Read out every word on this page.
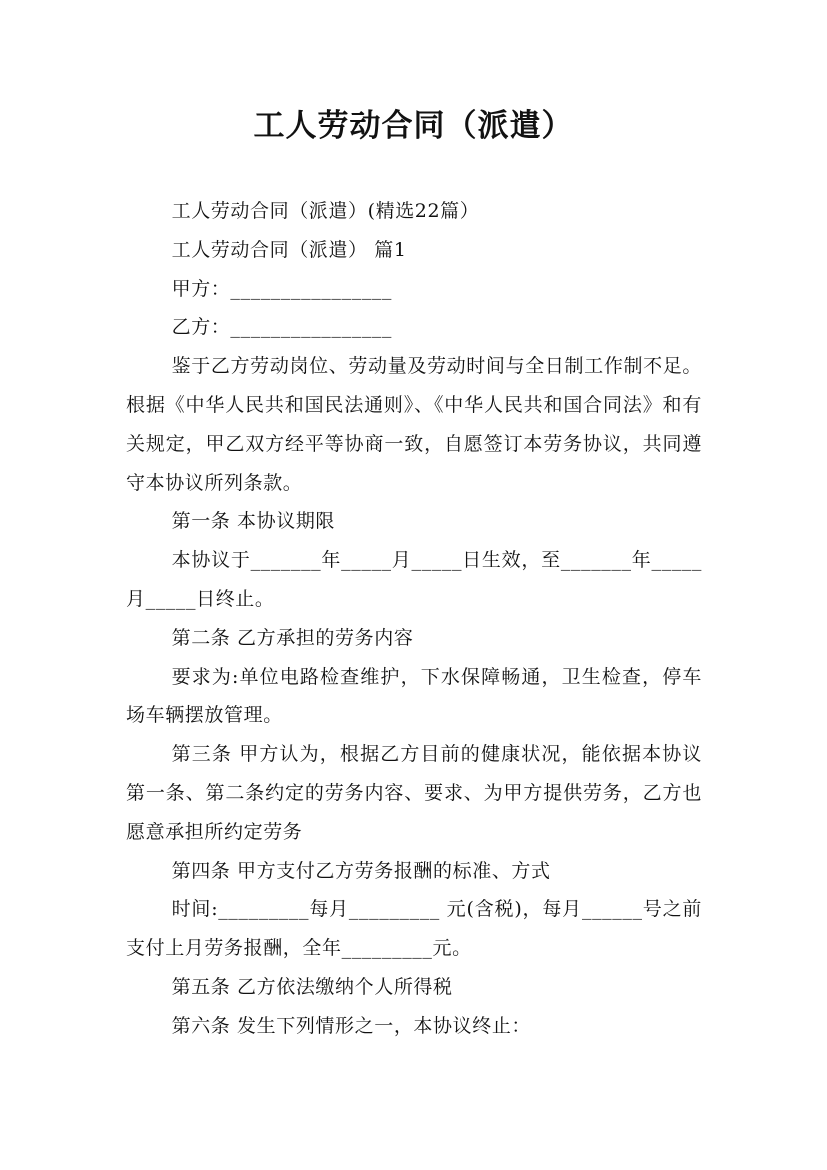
工人劳动合同（派遣）

工人劳动合同（派遣）(精选22篇）

工人劳动合同（派遣） 篇1

甲方：________________

乙方：________________

鉴于乙方劳动岗位、劳动量及劳动时间与全日制工作制不足。根据《中华人民共和国民法通则》、《中华人民共和国合同法》和有关规定，甲乙双方经平等协商一致，自愿签订本劳务协议，共同遵守本协议所列条款。

第一条 本协议期限

本协议于_______年_____月_____日生效，至_______年_____月_____日终止。

第二条 乙方承担的劳务内容

要求为:单位电路检查维护，下水保障畅通，卫生检查，停车场车辆摆放管理。

第三条 甲方认为，根据乙方目前的健康状况，能依据本协议第一条、第二条约定的劳务内容、要求、为甲方提供劳务，乙方也愿意承担所约定劳务

第四条 甲方支付乙方劳务报酬的标准、方式

时间:_________每月_________ 元(含税)，每月______号之前支付上月劳务报酬，全年_________元。

第五条 乙方依法缴纳个人所得税

第六条 发生下列情形之一，本协议终止：
